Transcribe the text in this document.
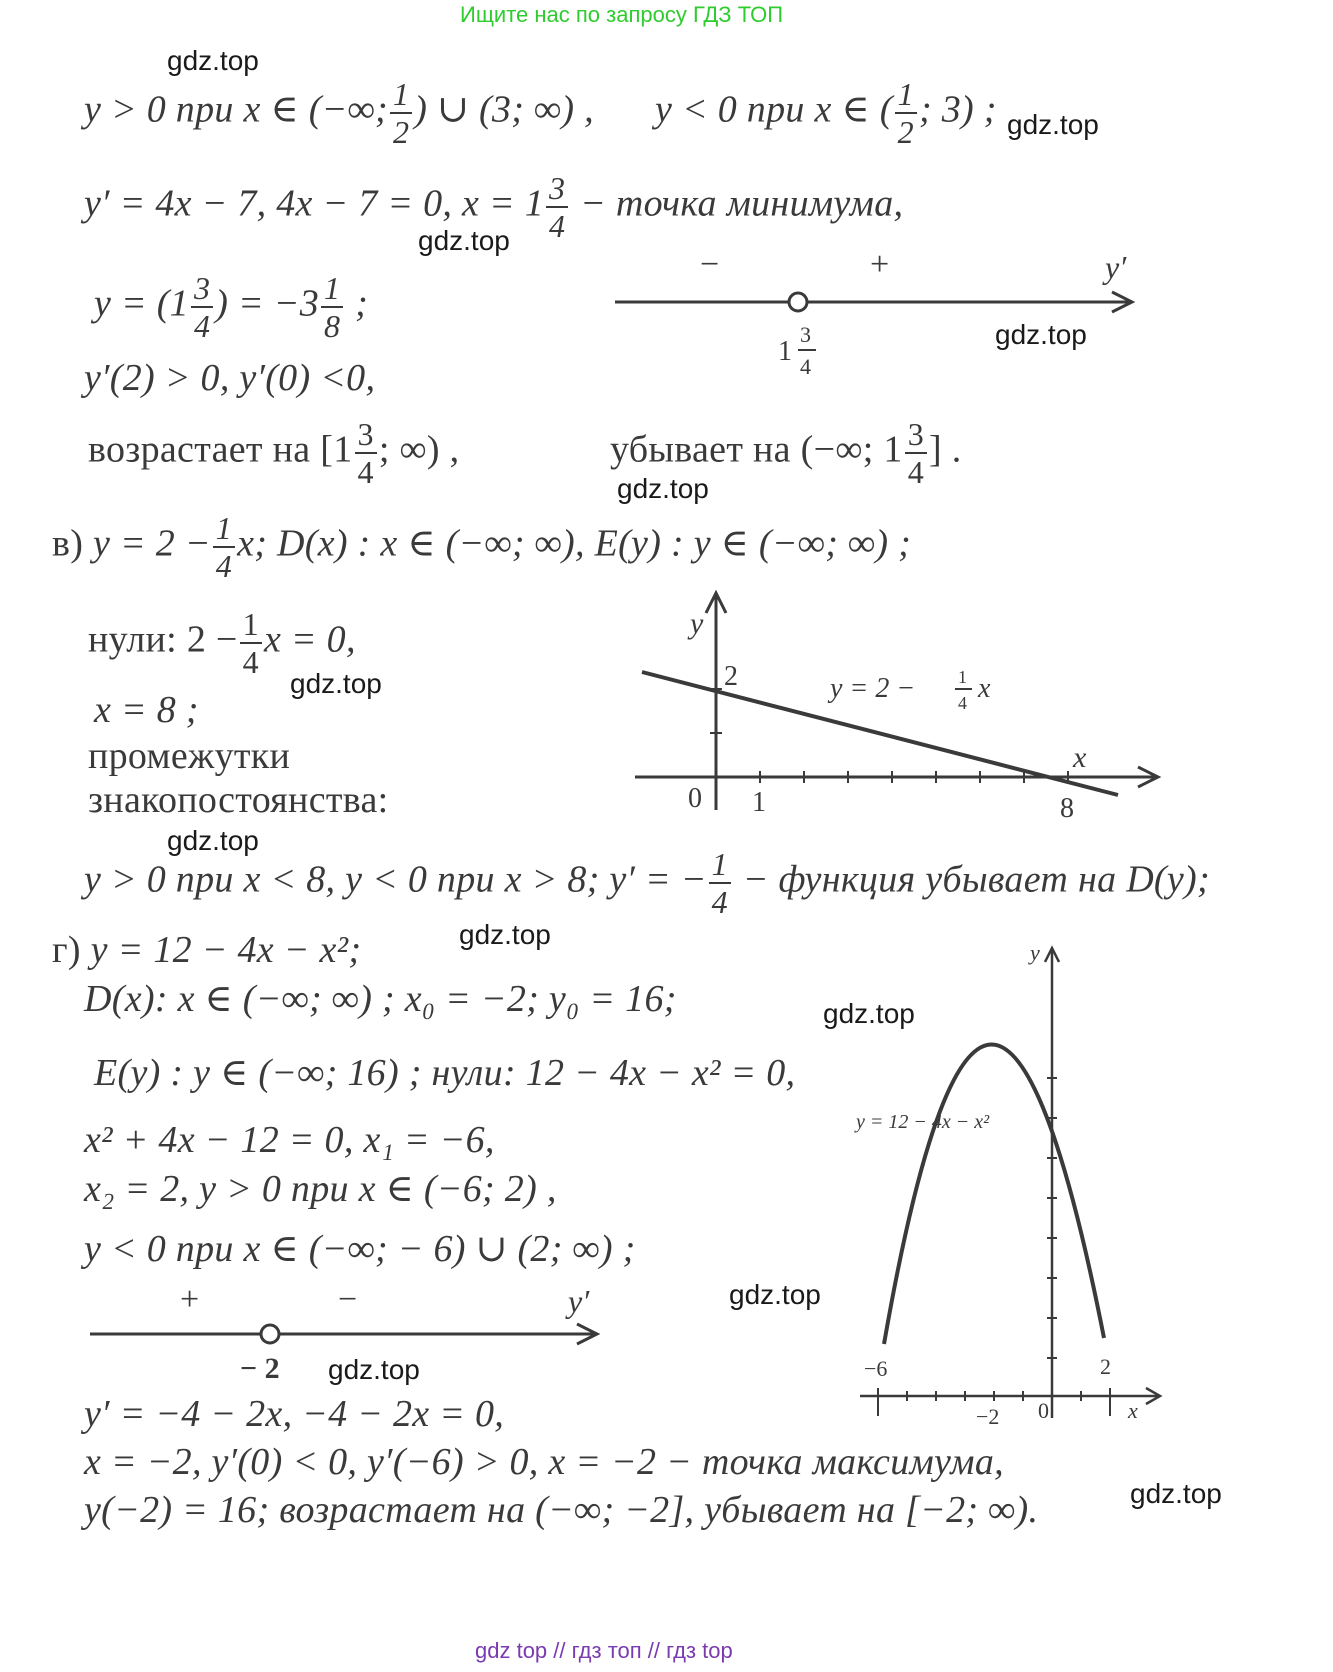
Ищите нас по запросу ГДЗ ТОП
gdz.top
gdz.top
gdz.top
gdz.top
gdz.top
gdz.top
gdz.top
gdz.top
gdz.top
gdz.top
gdz.top
gdz.top
y > 0 при x ∈ (−∞; $\frac{1}{2}$ ) ∪ (3; ∞) , y < 0 при x ∈ ( $\frac{1}{2}$ ; 3) ;
y′ = 4x − 7, 4x − 7 = 0, $x = 1 \frac{3}{4}$ − точка минимума,
$y = (1 \frac{3}{4}$ ) = $-3 \frac{1}{8}$ ;
y′(2) > 0, y′(0) <0,
возрастает на [$1 \frac{3}{4}$ ; ∞) ,	убывает на (−∞; $1 \frac{3}{4}$ ] .
−	+	y′
1
3
4
в) $y = 2 - \frac{1}{4} x$; D(x) : x ∈ (−∞; ∞), E(y) : y ∈ (−∞; ∞) ;
нули: $2 - \frac{1}{4}$ x = 0,
x = 8 ;
промежутки
знакопостоянства:
y > 0 при x < 8, y < 0 при x > 8; y′ = − $\frac{1}{4}$ − функция убывает на D(y);
y
x
0 1	8
2	y = 2 − 1
4 x
г) y = 12 − 4x − x²;
D(x): x ∈ (−∞; ∞) ; x₀ = −2; y₀ = 16;
E(y) : y ∈ (−∞; 16) ; нули: 12 − 4x − x² = 0,
x² + 4x − 12 = 0, x₁ = −6,
x₂ = 2, y > 0 при x ∈ (−6; 2) ,
y < 0 при x ∈ (−∞; − 6) ∪ (2; ∞) ;
+	−	y′
− 2
y′ = −4 − 2x, −4 − 2x = 0,
x = −2, y′(0) < 0, y′(−6) > 0, x = −2 − точка максимума,
y(−2) = 16; возрастает на (−∞; −2], убывает на [−2; ∞).
y
x
0
−6
−2
2
y = 12 − 4x − x²
gdz top // гдз топ // гдз top
